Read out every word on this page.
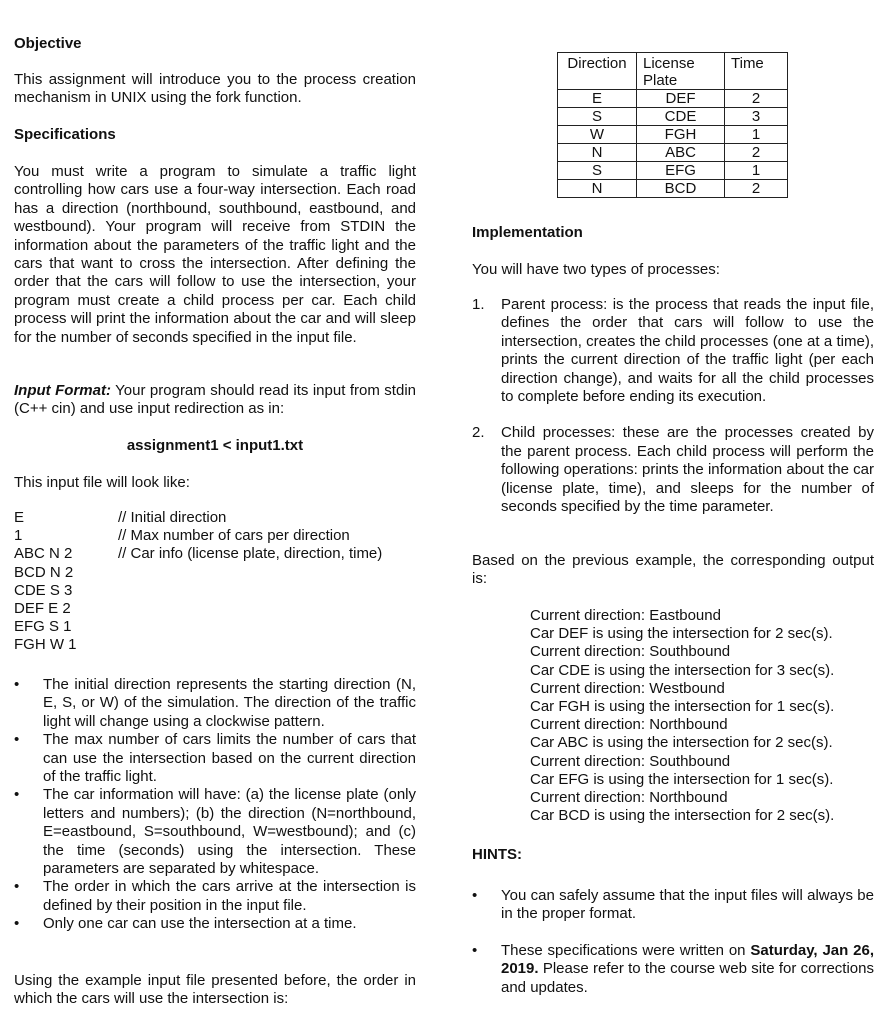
Objective

This assignment will introduce you to the process creation mechanism in UNIX using the fork function.

Specifications

You must write a program to simulate a traffic light controlling how cars use a four-way intersection. Each road has a direction (northbound, southbound, eastbound, and westbound). Your program will receive from STDIN the information about the parameters of the traffic light and the cars that want to cross the intersection. After defining the order that the cars will follow to use the intersection, your program must create a child process per car. Each child process will print the information about the car and will sleep for the number of seconds specified in the input file.

Input Format: Your program should read its input from stdin (C++ cin) and use input redirection as in:

assignment1 < input1.txt

This input file will look like:

E	// Initial direction
1	// Max number of cars per direction
ABC N 2	// Car info (license plate, direction, time)
BCD N 2
CDE S 3
DEF E 2
EFG S 1
FGH W 1
• The initial direction represents the starting direction (N, E, S, or W) of the simulation. The direction of the traffic light will change using a clockwise pattern.
• The max number of cars limits the number of cars that can use the intersection based on the current direction of the traffic light.
• The car information will have: (a) the license plate (only letters and numbers); (b) the direction (N=northbound, E=eastbound, S=southbound, W=westbound); and (c) the time (seconds) using the intersection. These parameters are separated by whitespace.
• The order in which the cars arrive at the intersection is defined by their position in the input file.
• Only one car can use the intersection at a time.

Using the example input file presented before, the order in which the cars will use the intersection is:

Direction	License Plate	Time
E	DEF	2
S	CDE	3
W	FGH	1
N	ABC	2
S	EFG	1
N	BCD	2
Implementation

You will have two types of processes:

1. Parent process: is the process that reads the input file, defines the order that cars will follow to use the intersection, creates the child processes (one at a time), prints the current direction of the traffic light (per each direction change), and waits for all the child processes to complete before ending its execution.
2. Child processes: these are the processes created by the parent process. Each child process will perform the following operations: prints the information about the car (license plate, time), and sleeps for the number of seconds specified by the time parameter.

Based on the previous example, the corresponding output is:

Current direction: Eastbound
Car DEF is using the intersection for 2 sec(s).
Current direction: Southbound
Car CDE is using the intersection for 3 sec(s).
Current direction: Westbound
Car FGH is using the intersection for 1 sec(s).
Current direction: Northbound
Car ABC is using the intersection for 2 sec(s).
Current direction: Southbound
Car EFG is using the intersection for 1 sec(s).
Current direction: Northbound
Car BCD is using the intersection for 2 sec(s).
HINTS:
• You can safely assume that the input files will always be in the proper format.
• These specifications were written on Saturday, Jan 26, 2019. Please refer to the course web site for corrections and updates.
